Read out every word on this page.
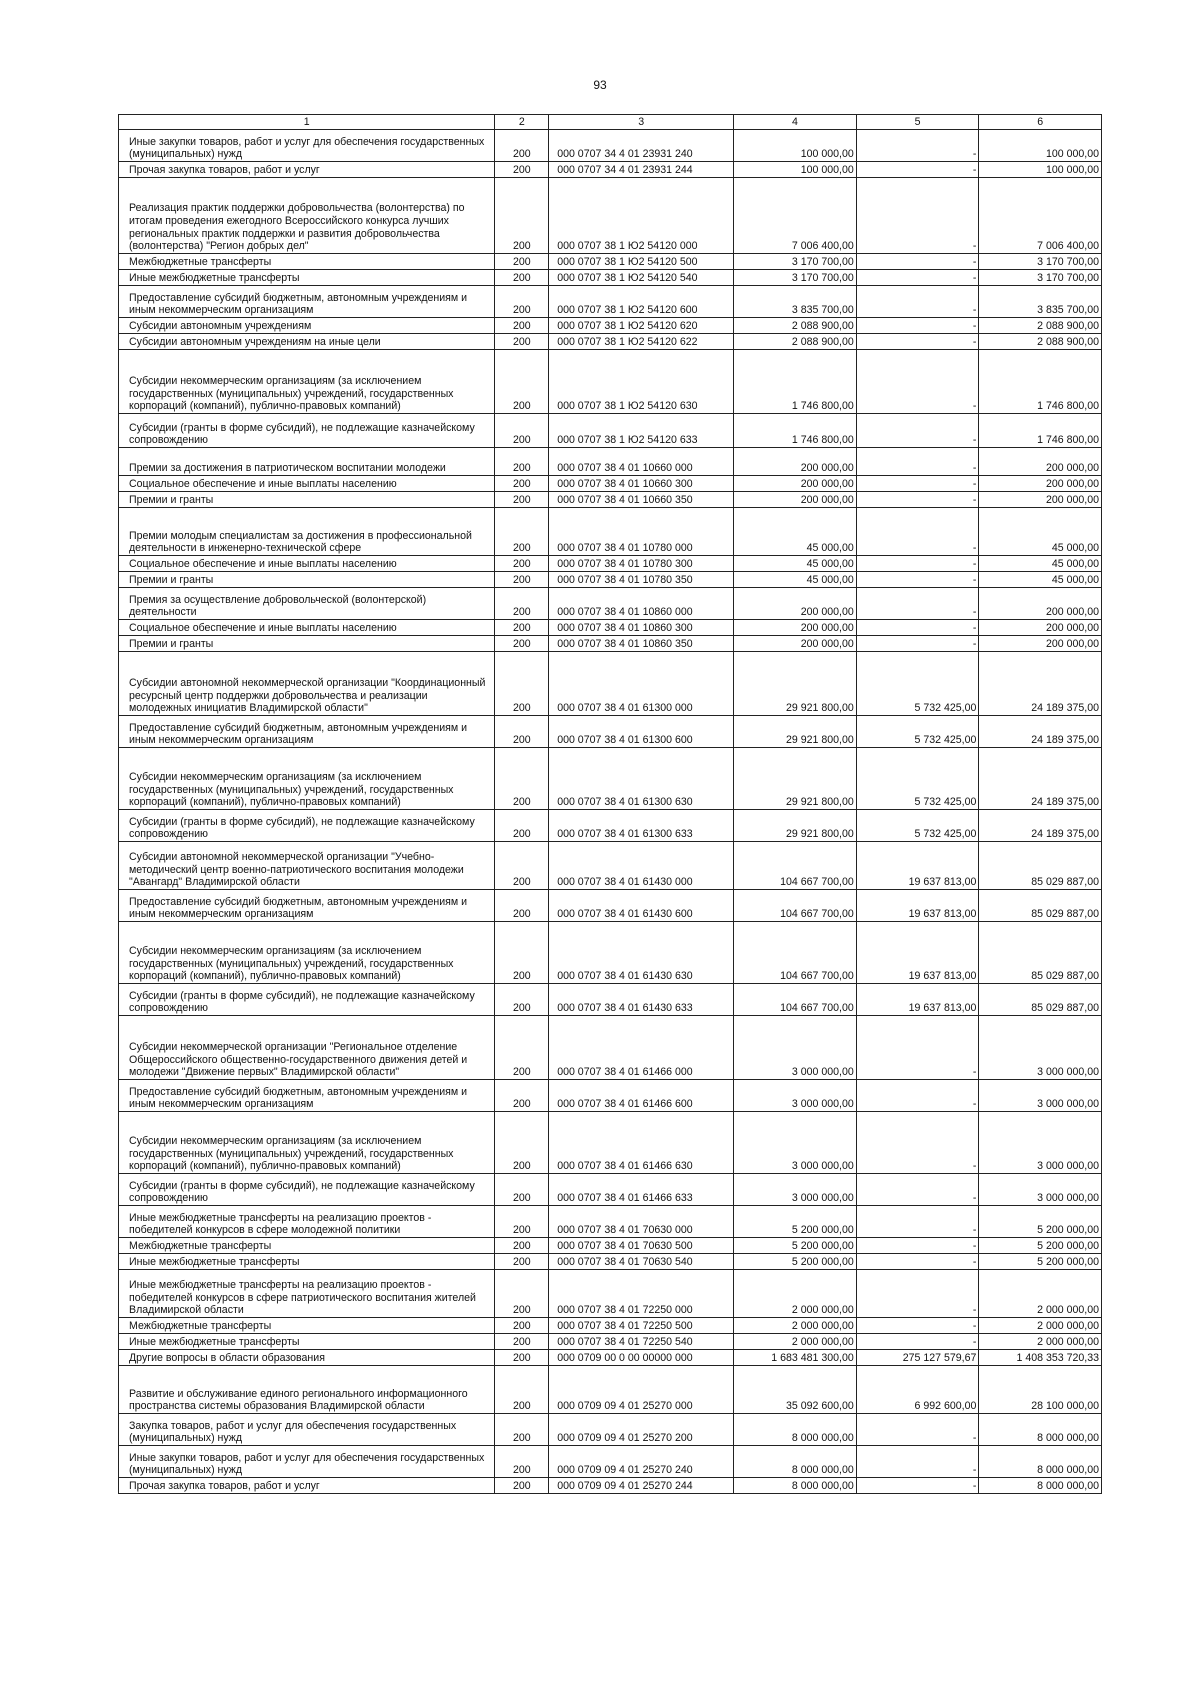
93
1	2	3	4	5	6
Иные закупки товаров, работ и услуг для обеспечения государственных (муниципальных) нужд	200	000 0707 34 4 01 23931 240	100 000,00	-	100 000,00
Прочая закупка товаров, работ и услуг	200	000 0707 34 4 01 23931 244	100 000,00	-	100 000,00
Реализация практик поддержки добровольчества (волонтерства) по итогам проведения ежегодного Всероссийского конкурса лучших региональных практик поддержки и развития добровольчества (волонтерства) "Регион добрых дел"	200	000 0707 38 1 Ю2 54120 000	7 006 400,00	-	7 006 400,00
Межбюджетные трансферты	200	000 0707 38 1 Ю2 54120 500	3 170 700,00	-	3 170 700,00
Иные межбюджетные трансферты	200	000 0707 38 1 Ю2 54120 540	3 170 700,00	-	3 170 700,00
Предоставление субсидий бюджетным, автономным учреждениям и иным некоммерческим организациям	200	000 0707 38 1 Ю2 54120 600	3 835 700,00	-	3 835 700,00
Субсидии автономным учреждениям	200	000 0707 38 1 Ю2 54120 620	2 088 900,00	-	2 088 900,00
Субсидии автономным учреждениям на иные цели	200	000 0707 38 1 Ю2 54120 622	2 088 900,00	-	2 088 900,00
Субсидии некоммерческим организациям (за исключением государственных (муниципальных) учреждений, государственных корпораций (компаний), публично-правовых компаний)	200	000 0707 38 1 Ю2 54120 630	1 746 800,00	-	1 746 800,00
Субсидии (гранты в форме субсидий), не подлежащие казначейскому сопровождению	200	000 0707 38 1 Ю2 54120 633	1 746 800,00	-	1 746 800,00
Премии за достижения в патриотическом воспитании молодежи	200	000 0707 38 4 01 10660 000	200 000,00	-	200 000,00
Социальное обеспечение и иные выплаты населению	200	000 0707 38 4 01 10660 300	200 000,00	-	200 000,00
Премии и гранты	200	000 0707 38 4 01 10660 350	200 000,00	-	200 000,00
Премии молодым специалистам за достижения в профессиональной деятельности в инженерно-технической сфере	200	000 0707 38 4 01 10780 000	45 000,00	-	45 000,00
Социальное обеспечение и иные выплаты населению	200	000 0707 38 4 01 10780 300	45 000,00	-	45 000,00
Премии и гранты	200	000 0707 38 4 01 10780 350	45 000,00	-	45 000,00
Премия за осуществление добровольческой (волонтерской) деятельности	200	000 0707 38 4 01 10860 000	200 000,00	-	200 000,00
Социальное обеспечение и иные выплаты населению	200	000 0707 38 4 01 10860 300	200 000,00	-	200 000,00
Премии и гранты	200	000 0707 38 4 01 10860 350	200 000,00	-	200 000,00
Субсидии автономной некоммерческой организации "Координационный ресурсный центр поддержки добровольчества и реализации молодежных инициатив Владимирской области"	200	000 0707 38 4 01 61300 000	29 921 800,00	5 732 425,00	24 189 375,00
Предоставление субсидий бюджетным, автономным учреждениям и иным некоммерческим организациям	200	000 0707 38 4 01 61300 600	29 921 800,00	5 732 425,00	24 189 375,00
Субсидии некоммерческим организациям (за исключением государственных (муниципальных) учреждений, государственных корпораций (компаний), публично-правовых компаний)	200	000 0707 38 4 01 61300 630	29 921 800,00	5 732 425,00	24 189 375,00
Субсидии (гранты в форме субсидий), не подлежащие казначейскому сопровождению	200	000 0707 38 4 01 61300 633	29 921 800,00	5 732 425,00	24 189 375,00
Субсидии автономной некоммерческой организации "Учебно-методический центр военно-патриотического воспитания молодежи "Авангард" Владимирской области	200	000 0707 38 4 01 61430 000	104 667 700,00	19 637 813,00	85 029 887,00
Предоставление субсидий бюджетным, автономным учреждениям и иным некоммерческим организациям	200	000 0707 38 4 01 61430 600	104 667 700,00	19 637 813,00	85 029 887,00
Субсидии некоммерческим организациям (за исключением государственных (муниципальных) учреждений, государственных корпораций (компаний), публично-правовых компаний)	200	000 0707 38 4 01 61430 630	104 667 700,00	19 637 813,00	85 029 887,00
Субсидии (гранты в форме субсидий), не подлежащие казначейскому сопровождению	200	000 0707 38 4 01 61430 633	104 667 700,00	19 637 813,00	85 029 887,00
Субсидии некоммерческой организации "Региональное отделение Общероссийского общественно-государственного движения детей и молодежи "Движение первых" Владимирской области"	200	000 0707 38 4 01 61466 000	3 000 000,00	-	3 000 000,00
Предоставление субсидий бюджетным, автономным учреждениям и иным некоммерческим организациям	200	000 0707 38 4 01 61466 600	3 000 000,00	-	3 000 000,00
Субсидии некоммерческим организациям (за исключением государственных (муниципальных) учреждений, государственных корпораций (компаний), публично-правовых компаний)	200	000 0707 38 4 01 61466 630	3 000 000,00	-	3 000 000,00
Субсидии (гранты в форме субсидий), не подлежащие казначейскому сопровождению	200	000 0707 38 4 01 61466 633	3 000 000,00	-	3 000 000,00
Иные межбюджетные трансферты на реализацию проектов - победителей конкурсов в сфере молодежной политики	200	000 0707 38 4 01 70630 000	5 200 000,00	-	5 200 000,00
Межбюджетные трансферты	200	000 0707 38 4 01 70630 500	5 200 000,00	-	5 200 000,00
Иные межбюджетные трансферты	200	000 0707 38 4 01 70630 540	5 200 000,00	-	5 200 000,00
Иные межбюджетные трансферты на реализацию проектов - победителей конкурсов в сфере патриотического воспитания жителей Владимирской области	200	000 0707 38 4 01 72250 000	2 000 000,00	-	2 000 000,00
Межбюджетные трансферты	200	000 0707 38 4 01 72250 500	2 000 000,00	-	2 000 000,00
Иные межбюджетные трансферты	200	000 0707 38 4 01 72250 540	2 000 000,00	-	2 000 000,00
Другие вопросы в области образования	200	000 0709 00 0 00 00000 000	1 683 481 300,00	275 127 579,67	1 408 353 720,33
Развитие и обслуживание единого регионального информационного пространства системы образования Владимирской области	200	000 0709 09 4 01 25270 000	35 092 600,00	6 992 600,00	28 100 000,00
Закупка товаров, работ и услуг для обеспечения государственных (муниципальных) нужд	200	000 0709 09 4 01 25270 200	8 000 000,00	-	8 000 000,00
Иные закупки товаров, работ и услуг для обеспечения государственных (муниципальных) нужд	200	000 0709 09 4 01 25270 240	8 000 000,00	-	8 000 000,00
Прочая закупка товаров, работ и услуг	200	000 0709 09 4 01 25270 244	8 000 000,00	-	8 000 000,00
